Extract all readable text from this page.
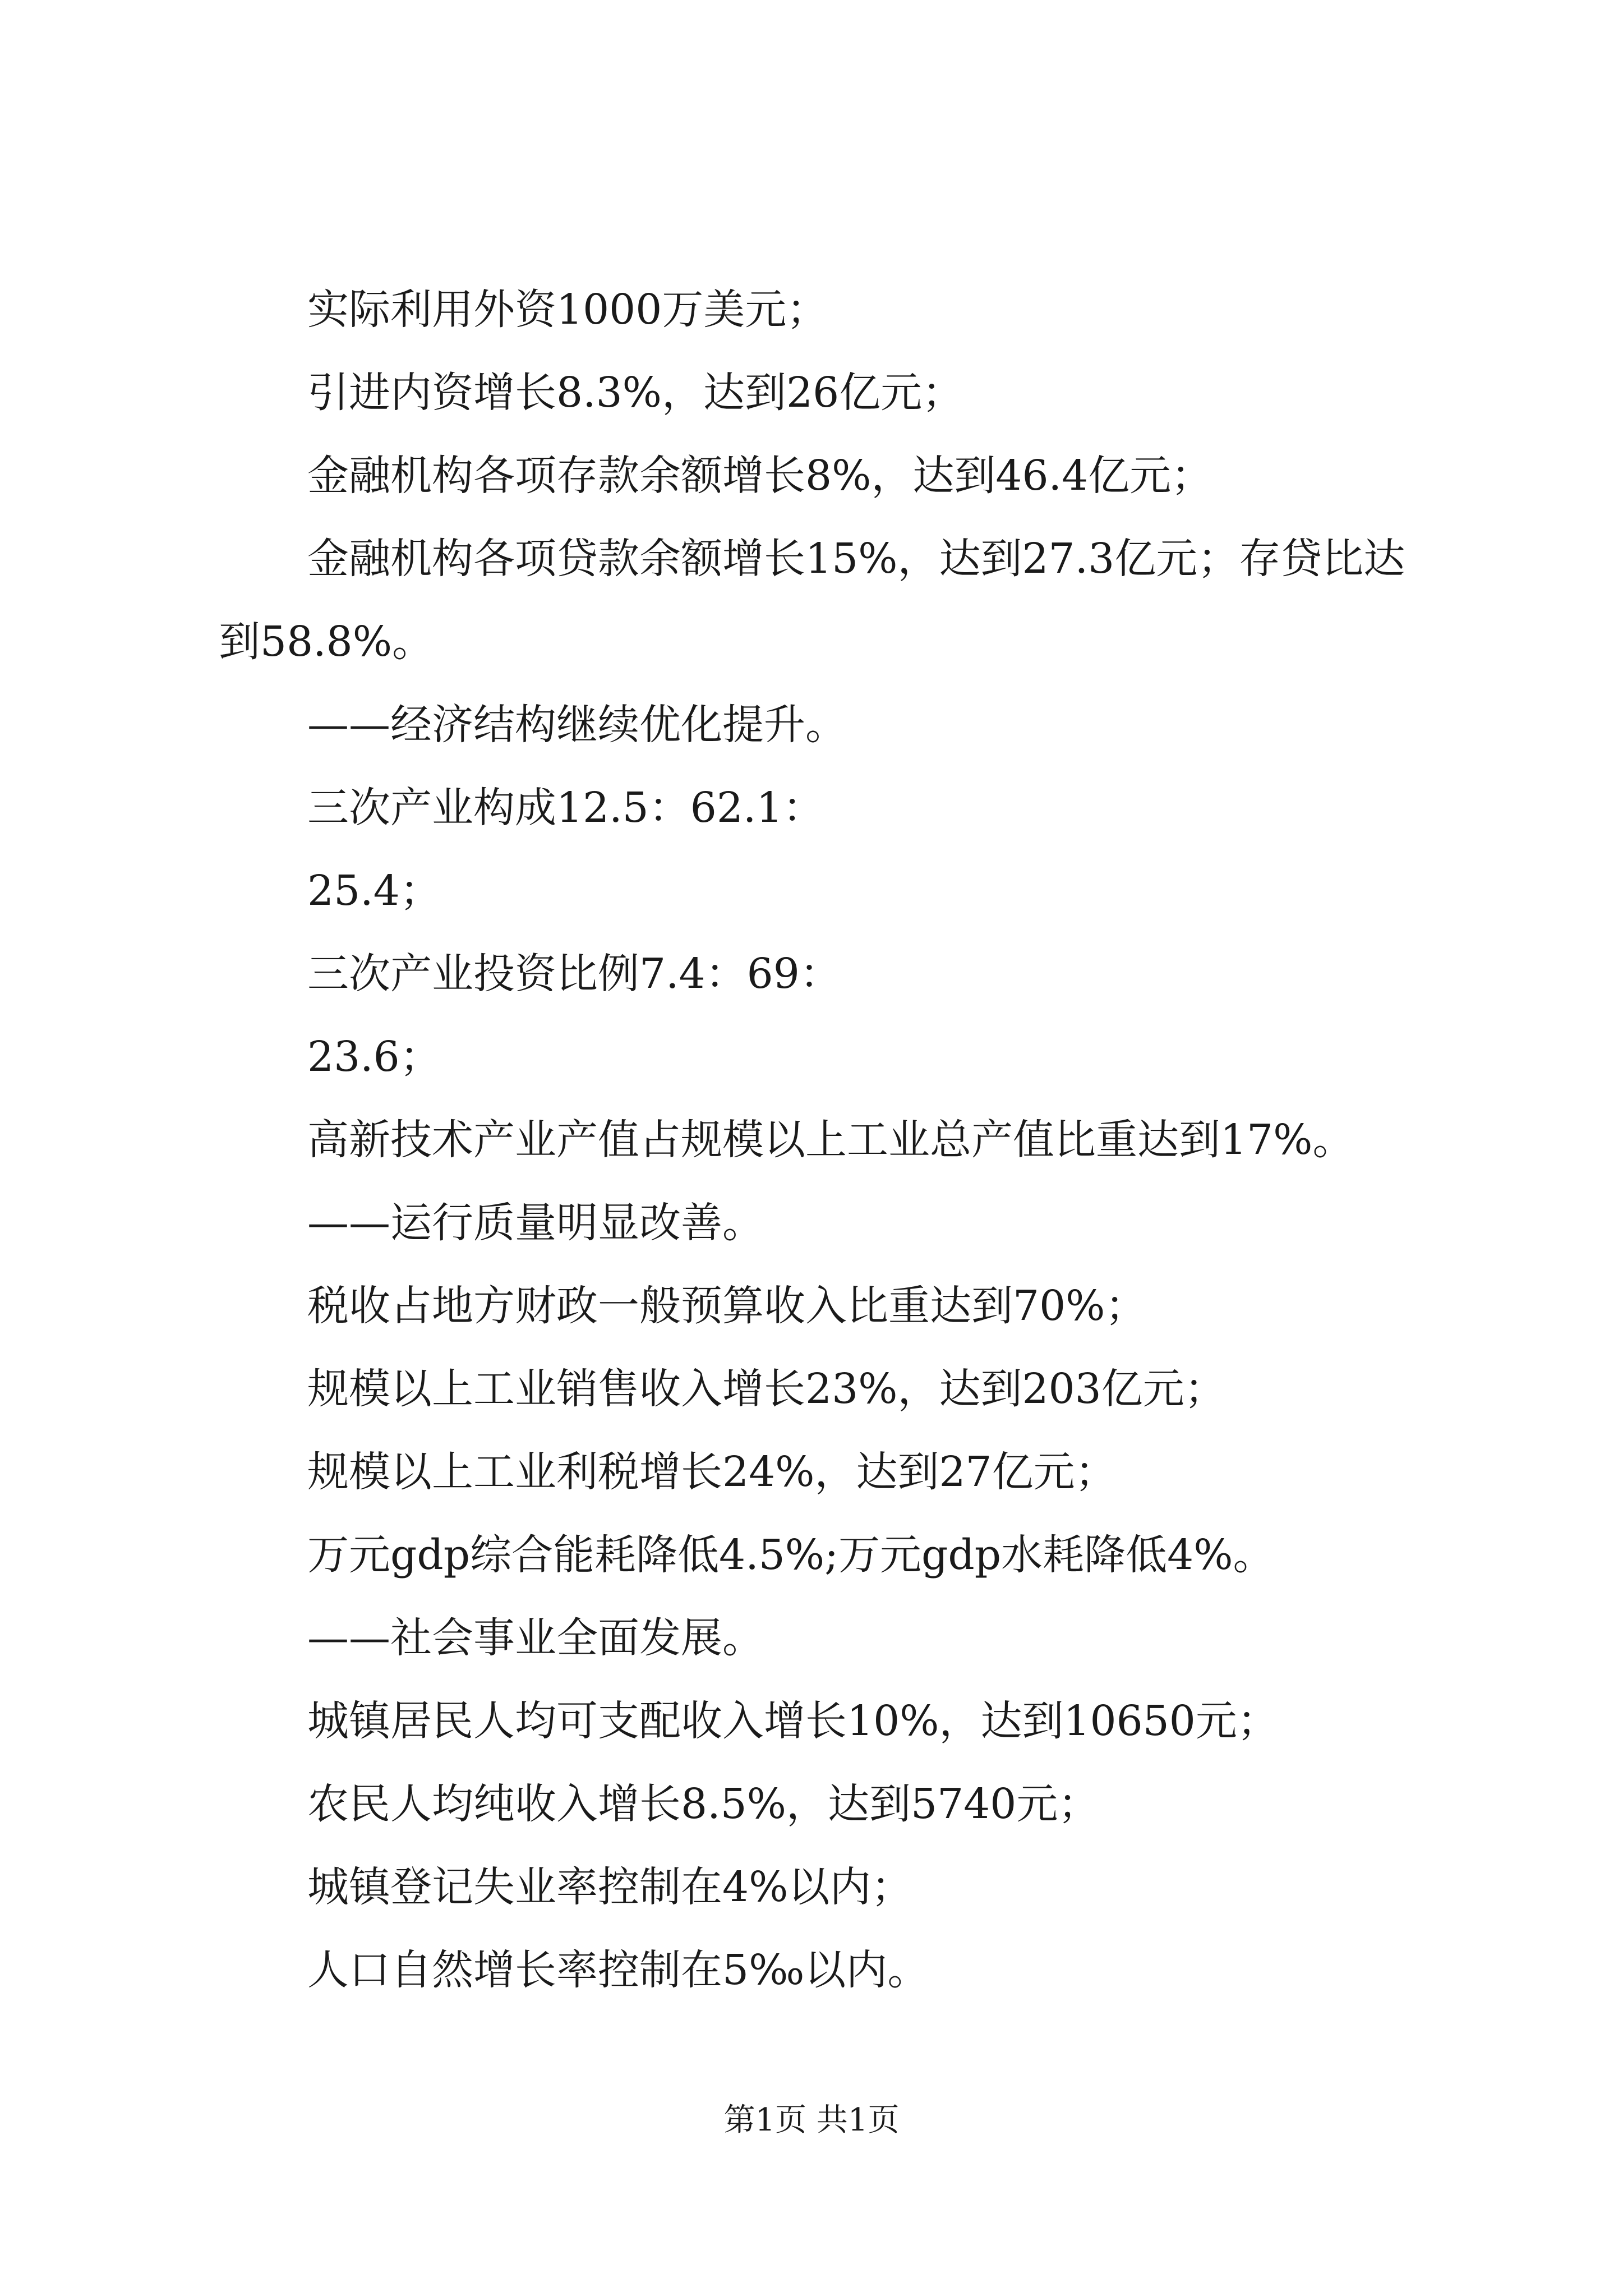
实际利用外资1000万美元；

引进内资增长8.3%，达到26亿元；

金融机构各项存款余额增长8%，达到46.4亿元；

金融机构各项贷款余额增长15%，达到27.3亿元；存贷比达到58.8%。

——经济结构继续优化提升。

三次产业构成12.5：62.1：

25.4；

三次产业投资比例7.4：69：

23.6；

高新技术产业产值占规模以上工业总产值比重达到17%。

——运行质量明显改善。

税收占地方财政一般预算收入比重达到70%；

规模以上工业销售收入增长23%，达到203亿元；

规模以上工业利税增长24%，达到27亿元；

万元gdp综合能耗降低4.5%;万元gdp水耗降低4%。

——社会事业全面发展。

城镇居民人均可支配收入增长10%，达到10650元；

农民人均纯收入增长8.5%，达到5740元；

城镇登记失业率控制在4%以内；

人口自然增长率控制在5‰以内。

第1页 共1页
